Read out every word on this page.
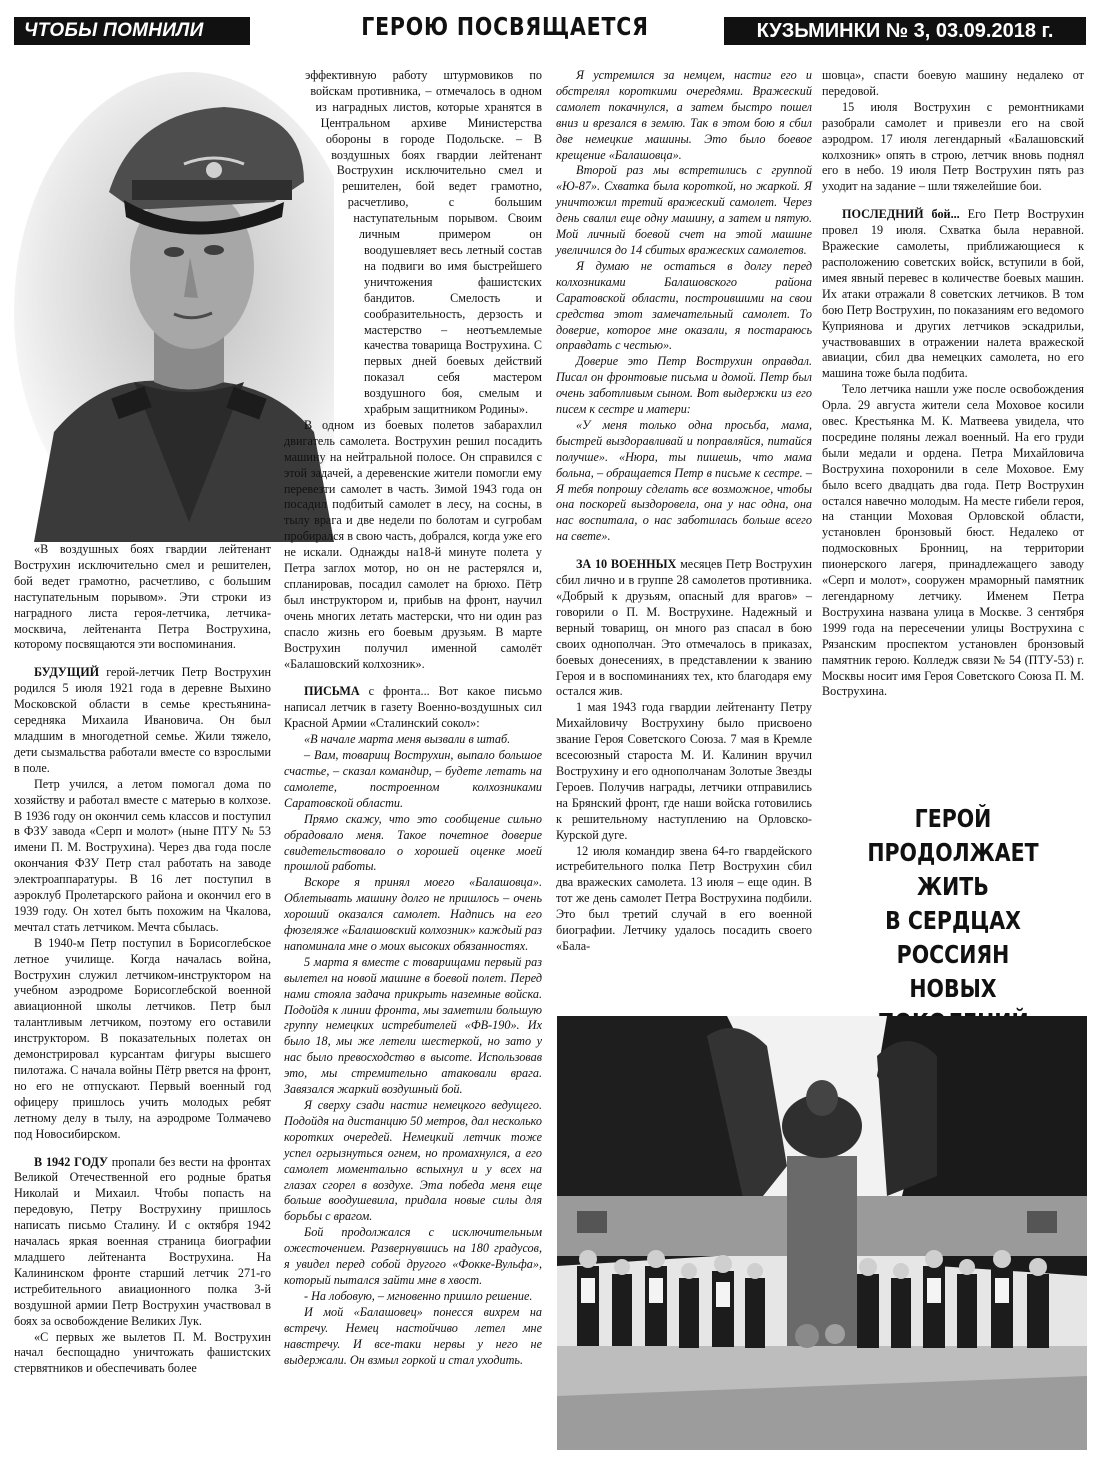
ЧТОБЫ ПОМНИЛИ	ГЕРОЮ ПОСВЯЩАЕТСЯ	КУЗЬМИНКИ № 3, 03.09.2018 г.

«В воздушных боях гвардии лейтенант Вострухин исключительно смел и решителен, бой ведет грамотно, расчетливо, с большим наступательным порывом». Эти строки из наградного листа героя-летчика, летчика-москвича, лейтенанта Петра Вострухина, которому посвящаются эти воспоминания.

БУДУЩИЙ герой-летчик Петр Вострухин родился 5 июля 1921 года в деревне Выхино Московской области в семье крестьянина-середняка Михаила Ивановича. Он был младшим в многодетной семье. Жили тяжело, дети сызмальства работали вместе со взрослыми в поле.

Петр учился, а летом помогал дома по хозяйству и работал вместе с матерью в колхозе. В 1936 году он окончил семь классов и поступил в ФЗУ завода «Серп и молот» (ныне ПТУ № 53 имени П. М. Вострухина). Через два года после окончания ФЗУ Петр стал работать на заводе электроаппаратуры. В 16 лет поступил в аэроклуб Пролетарского района и окончил его в 1939 году. Он хотел быть похожим на Чкалова, мечтал стать летчиком. Мечта сбылась.

В 1940-м Петр поступил в Борисоглебское летное училище. Когда началась война, Вострухин служил летчиком-инструктором на учебном аэродроме Борисоглебской военной авиационной школы летчиков. Петр был талантливым летчиком, поэтому его оставили инструктором. В показательных полетах он демонстрировал курсантам фигуры высшего пилотажа. С начала войны Пётр рвется на фронт, но его не отпускают. Первый военный год офицеру пришлось учить молодых ребят летному делу в тылу, на аэродроме Толмачево под Новосибирском.

В 1942 ГОДУ пропали без вести на фронтах Великой Отечественной его родные братья Николай и Михаил. Чтобы попасть на передовую, Петру Вострухину пришлось написать письмо Сталину. И с октября 1942 началась яркая военная страница биографии младшего лейтенанта Вострухина. На Калининском фронте старший летчик 271-го истребительного авиационного полка 3-й воздушной армии Петр Вострухин участвовал в боях за освобождение Великих Лук.

«С первых же вылетов П. М. Вострухин начал беспощадно уничтожать фашистских стервятников и обеспечивать более

эффективную работу штурмовиков по войскам противника, – отмечалось в одном из наградных листов, которые хранятся в Центральном архиве Министерства обороны в городе Подольске. – В воздушных боях гвардии лейтенант Вострухин исключительно смел и решителен, бой ведет грамотно, расчетливо, с большим наступательным порывом. Своим личным примером он воодушевляет весь летный состав на подвиги во имя быстрейшего уничтожения фашистских бандитов. Смелость и сообразительность, дерзость и мастерство – неотъемлемые качества товарища Вострухина. С первых дней боевых действий показал себя мастером воздушного боя, смелым и храбрым защитником Родины».

В одном из боевых полетов забарахлил двигатель самолета. Вострухин решил посадить машину на нейтральной полосе. Он справился с этой задачей, а деревенские жители помогли ему перевезти самолет в часть. Зимой 1943 года он посадил подбитый самолет в лесу, на сосны, в тылу врага и две недели по болотам и сугробам пробирался в свою часть, добрался, когда уже его не искали. Однажды на18-й минуте полета у Петра заглох мотор, но он не растерялся и, спланировав, посадил самолет на брюхо. Пётр был инструктором и, прибыв на фронт, научил очень многих летать мастерски, что ни один раз спасло жизнь его боевым друзьям. В марте Вострухин получил именной самолёт «Балашовский колхозник».

ПИСЬМА с фронта... Вот какое письмо написал летчик в газету Военно-воздушных сил Красной Армии «Сталинский сокол»:

«В начале марта меня вызвали в штаб.

– Вам, товарищ Вострухин, выпало большое счастье, – сказал командир, – будете летать на самолете, построенном колхозниками Саратовской области.

Прямо скажу, что это сообщение сильно обрадовало меня. Такое почетное доверие свидетельствовало о хорошей оценке моей прошлой работы.

Вскоре я принял моего «Балашовца». Облетывать машину долго не пришлось – очень хороший оказался самолет. Надпись на его фюзеляже «Балашовский колхозник» каждый раз напоминала мне о моих высоких обязанностях.

5 марта я вместе с товарищами первый раз вылетел на новой машине в боевой полет. Перед нами стояла задача прикрыть наземные войска. Подойдя к линии фронта, мы заметили большую группу немецких истребителей «ФВ-190». Их было 18, мы же летели шестеркой, но зато у нас было превосходство в высоте. Использовав это, мы стремительно атаковали врага. Завязался жаркий воздушный бой.

Я сверху сзади настиг немецкого ведущего. Подойдя на дистанцию 50 метров, дал несколько коротких очередей. Немецкий летчик тоже успел огрызнуться огнем, но промахнулся, а его самолет моментально вспыхнул и у всех на глазах сгорел в воздухе. Эта победа меня еще больше воодушевила, придала новые силы для борьбы с врагом.

Бой продолжался с исключительным ожесточением. Развернувшись на 180 градусов, я увидел перед собой другого «Фокке-Вульфа», который пытался зайти мне в хвост.

- На лобовую, – мгновенно пришло решение.

И мой «Балашовец» понесся вихрем на встречу. Немец настойчиво летел мне навстречу. И все-таки нервы у него не выдержали. Он взмыл горкой и стал уходить.

Я устремился за немцем, настиг его и обстрелял короткими очередями. Вражеский самолет покачнулся, а затем быстро пошел вниз и врезался в землю. Так в этом бою я сбил две немецкие машины. Это было боевое крещение «Балашовца».

Второй раз мы встретились с группой «Ю-87». Схватка была короткой, но жаркой. Я уничтожил третий вражеский самолет. Через день свалил еще одну машину, а затем и пятую. Мой личный боевой счет на этой машине увеличился до 14 сбитых вражеских самолетов.

Я думаю не остаться в долгу перед колхозниками Балашовского района Саратовской области, построившими на свои средства этот замечательный самолет. То доверие, которое мне оказали, я постараюсь оправдать с честью».

Доверие это Петр Вострухин оправдал. Писал он фронтовые письма и домой. Петр был очень заботливым сыном. Вот выдержки из его писем к сестре и матери:

«У меня только одна просьба, мама, быстрей выздоравливай и поправляйся, питайся получше». «Нюра, ты пишешь, что мама больна, – обращается Петр в письме к сестре. – Я тебя попрошу сделать все возможное, чтобы она поскорей выздоровела, она у нас одна, она нас воспитала, о нас заботилась больше всего на свете».

ЗА 10 ВОЕННЫХ месяцев Петр Вострухин сбил лично и в группе 28 самолетов противника. «Добрый к друзьям, опасный для врагов» – говорили о П. М. Вострухине. Надежный и верный товарищ, он много раз спасал в бою своих однополчан. Это отмечалось в приказах, боевых донесениях, в представлении к званию Героя и в воспоминаниях тех, кто благодаря ему остался жив.

1 мая 1943 года гвардии лейтенанту Петру Михайловичу Вострухину было присвоено звание Героя Советского Союза. 7 мая в Кремле всесоюзный староста М. И. Калинин вручил Вострухину и его однополчанам Золотые Звезды Героев. Получив награды, летчики отправились на Брянский фронт, где наши войска готовились к решительному наступлению на Орловско-Курской дуге.

12 июля командир звена 64-го гвардейского истребительного полка Петр Вострухин сбил два вражеских самолета. 13 июля – еще один. В тот же день самолет Петра Вострухина подбили. Это был третий случай в его военной биографии. Летчику удалось посадить своего «Бала-

шовца», спасти боевую машину недалеко от передовой.

15 июля Вострухин с ремонтниками разобрали самолет и привезли его на свой аэродром. 17 июля легендарный «Балашовский колхозник» опять в строю, летчик вновь поднял его в небо. 19 июля Петр Вострухин пять раз уходит на задание – шли тяжелейшие бои.

ПОСЛЕДНИЙ бой... Его Петр Вострухин провел 19 июля. Схватка была неравной. Вражеские самолеты, приближающиеся к расположению советских войск, вступили в бой, имея явный перевес в количестве боевых машин. Их атаки отражали 8 советских летчиков. В том бою Петр Вострухин, по показаниям его ведомого Куприянова и других летчиков эскадрильи, участвовавших в отражении налета вражеской авиации, сбил два немецких самолета, но его машина тоже была подбита.

Тело летчика нашли уже после освобождения Орла. 29 августа жители села Моховое косили овес. Крестьянка М. К. Матвеева увидела, что посредине поляны лежал военный. На его груди были медали и ордена. Петра Михайловича Вострухина похоронили в селе Моховое. Ему было всего двадцать два года. Петр Вострухин остался навечно молодым. На месте гибели героя, на станции Моховая Орловской области, установлен бронзовый бюст. Недалеко от подмосковных Бронниц, на территории пионерского лагеря, принадлежащего заводу «Серп и молот», сооружен мраморный памятник легендарному летчику. Именем Петра Вострухина названа улица в Москве. 3 сентября 1999 года на пересечении улицы Вострухина с Рязанским проспектом установлен бронзовый памятник герою. Колледж связи № 54 (ПТУ-53) г. Москвы носит имя Героя Советского Союза П. М. Вострухина.

ГЕРОЙ
ПРОДОЛЖАЕТ
ЖИТЬ
В СЕРДЦАХ
РОССИЯН
НОВЫХ
